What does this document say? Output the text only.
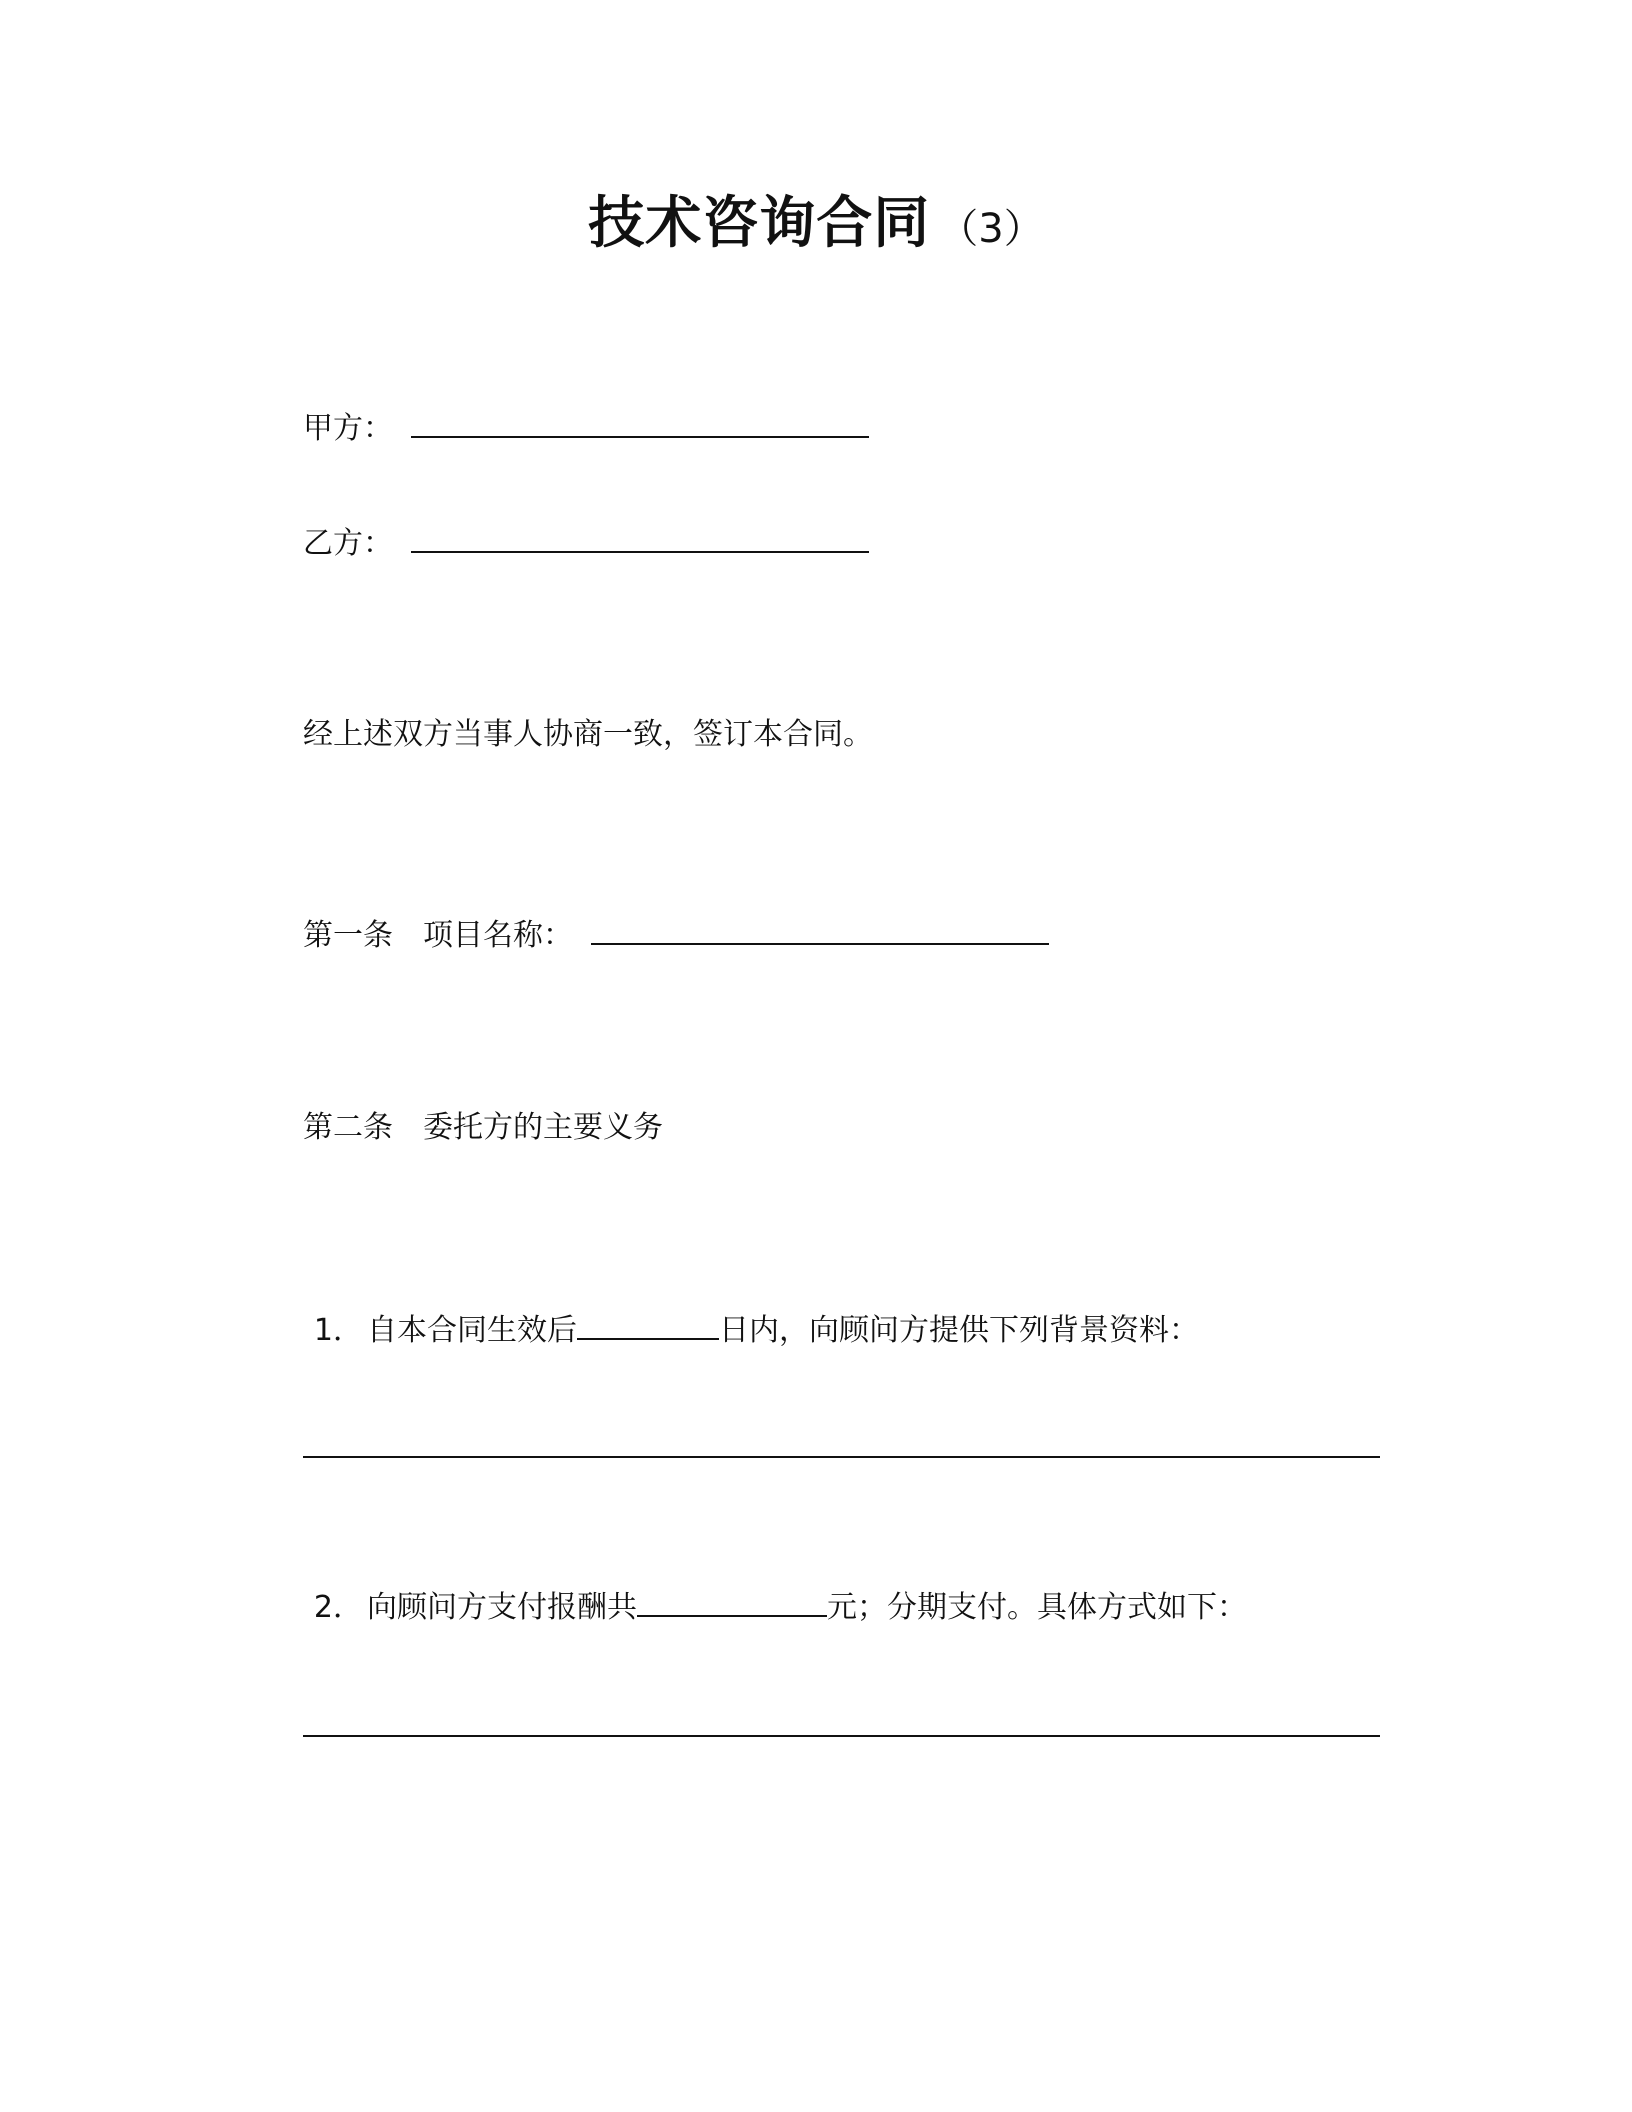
技术咨询合同 （3）
甲方：
乙方：
经上述双方当事人协商一致，签订本合同。
第一条 项目名称：
第二条 委托方的主要义务
1． 自本合同生效后	日内，向顾问方提供下列背景资料：
2． 向顾问方支付报酬共	元；分期支付。具体方式如下：
